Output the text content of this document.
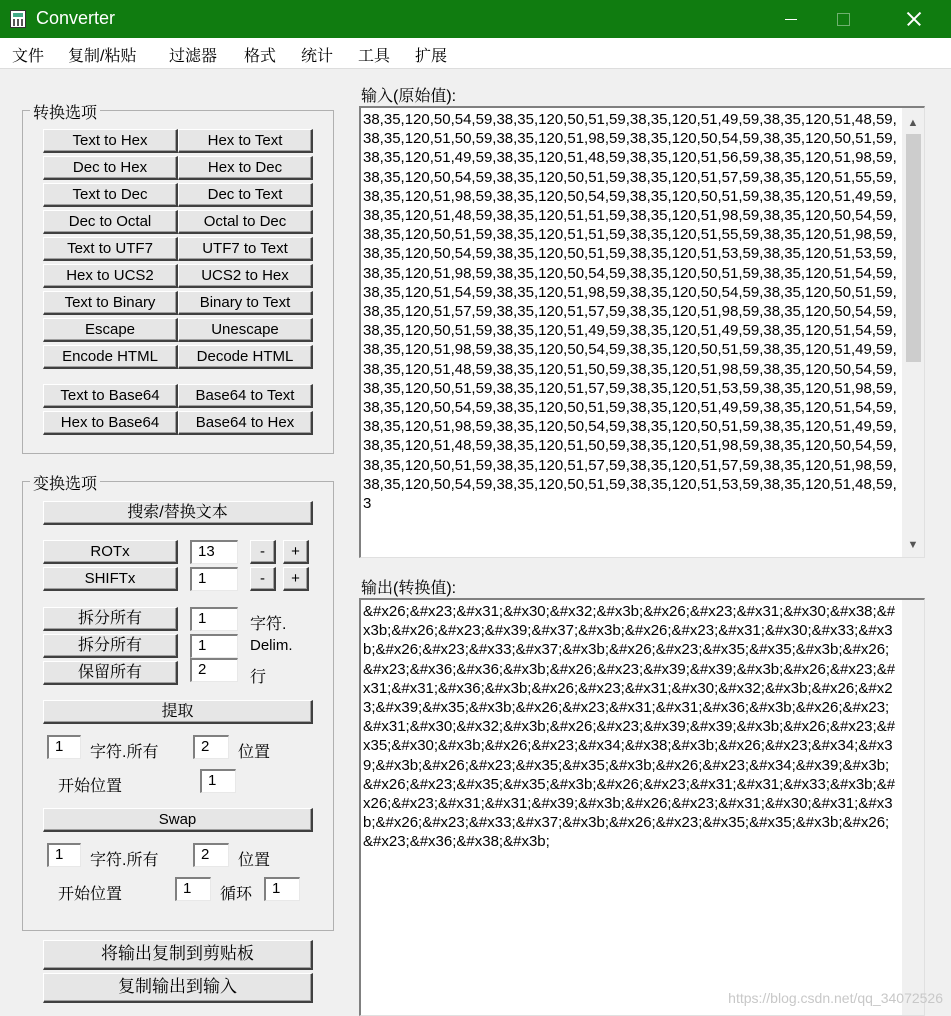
Converter
文件 复制/粘贴 过滤器 格式 统计 工具 扩展
转换选项
Text to Hex	Hex to Text
Dec to Hex	Hex to Dec
Text to Dec	Dec to Text
Dec to Octal	Octal to Dec
Text to UTF7	UTF7 to Text
Hex to UCS2	UCS2 to Hex
Text to Binary	Binary to Text
Escape	Unescape
Encode HTML	Decode HTML
Text to Base64	Base64 to Text
Hex to Base64	Base64 to Hex
变换选项
搜索/替换文本
ROTx	13	-	+
SHIFTx	1	-	+
拆分所有	1	字符.
拆分所有	1	Delim.
保留所有	2	行
提取
1	字符.所有	2	位置
开始位置	1
Swap
1	字符.所有	2	位置
开始位置	1	循环	1
将输出复制到剪贴板
复制输出到输入
输入(原始值):
38,35,120,50,54,59,38,35,120,50,51,59,38,35,120,51,49,59,38,35,120,51,48,59,38,35,120,51,50,59,38,35,120,51,98,59,38,35,120,50,54,59,38,35,120,50,51,59,38,35,120,51,49,59,38,35,120,51,48,59,38,35,120,51,56,59,38,35,120,51,98,59,38,35,120,50,54,59,38,35,120,50,51,59,38,35,120,51,57,59,38,35,120,51,55,59,38,35,120,51,98,59,38,35,120,50,54,59,38,35,120,50,51,59,38,35,120,51,49,59,38,35,120,51,48,59,38,35,120,51,51,59,38,35,120,51,98,59,38,35,120,50,54,59,38,35,120,50,51,59,38,35,120,51,51,59,38,35,120,51,55,59,38,35,120,51,98,59,38,35,120,50,54,59,38,35,120,50,51,59,38,35,120,51,53,59,38,35,120,51,53,59,38,35,120,51,98,59,38,35,120,50,54,59,38,35,120,50,51,59,38,35,120,51,54,59,38,35,120,51,54,59,38,35,120,51,98,59,38,35,120,50,54,59,38,35,120,50,51,59,38,35,120,51,57,59,38,35,120,51,57,59,38,35,120,51,98,59,38,35,120,50,54,59,38,35,120,50,51,59,38,35,120,51,49,59,38,35,120,51,49,59,38,35,120,51,54,59,38,35,120,51,98,59,38,35,120,50,54,59,38,35,120,50,51,59,38,35,120,51,49,59,38,35,120,51,48,59,38,35,120,51,50,59,38,35,120,51,98,59,38,35,120,50,54,59,38,35,120,50,51,59,38,35,120,51,57,59,38,35,120,51,53,59,38,35,120,51,98,59,38,35,120,50,54,59,38,35,120,50,51,59,38,35,120,51,49,59,38,35,120,51,54,59,38,35,120,51,98,59,38,35,120,50,54,59,38,35,120,50,51,59,38,35,120,51,49,59,38,35,120,51,48,59,38,35,120,51,50,59,38,35,120,51,98,59,38,35,120,50,54,59,38,35,120,50,51,59,38,35,120,51,57,59,38,35,120,51,57,59,38,35,120,51,98,59,38,35,120,50,54,59,38,35,120,50,51,59,38,35,120,51,53,59,38,35,120,51,48,59,3
▲
▼
输出(转换值):
&#x26;&#x23;&#x31;&#x30;&#x32;&#x3b;&#x26;&#x23;&#x31;&#x30;&#x38;&#x3b;&#x26;&#x23;&#x39;&#x37;&#x3b;&#x26;&#x23;&#x31;&#x30;&#x33;&#x3b;&#x26;&#x23;&#x33;&#x37;&#x3b;&#x26;&#x23;&#x35;&#x35;&#x3b;&#x26;&#x23;&#x36;&#x36;&#x3b;&#x26;&#x23;&#x39;&#x39;&#x3b;&#x26;&#x23;&#x31;&#x31;&#x36;&#x3b;&#x26;&#x23;&#x31;&#x30;&#x32;&#x3b;&#x26;&#x23;&#x39;&#x35;&#x3b;&#x26;&#x23;&#x31;&#x31;&#x36;&#x3b;&#x26;&#x23;&#x31;&#x30;&#x32;&#x3b;&#x26;&#x23;&#x39;&#x39;&#x3b;&#x26;&#x23;&#x35;&#x30;&#x3b;&#x26;&#x23;&#x34;&#x38;&#x3b;&#x26;&#x23;&#x34;&#x39;&#x3b;&#x26;&#x23;&#x35;&#x35;&#x3b;&#x26;&#x23;&#x34;&#x39;&#x3b;&#x26;&#x23;&#x35;&#x35;&#x3b;&#x26;&#x23;&#x31;&#x31;&#x33;&#x3b;&#x26;&#x23;&#x31;&#x31;&#x39;&#x3b;&#x26;&#x23;&#x31;&#x30;&#x31;&#x3b;&#x26;&#x23;&#x33;&#x37;&#x3b;&#x26;&#x23;&#x35;&#x35;&#x3b;&#x26;&#x23;&#x36;&#x38;&#x3b;
https://blog.csdn.net/qq_34072526
